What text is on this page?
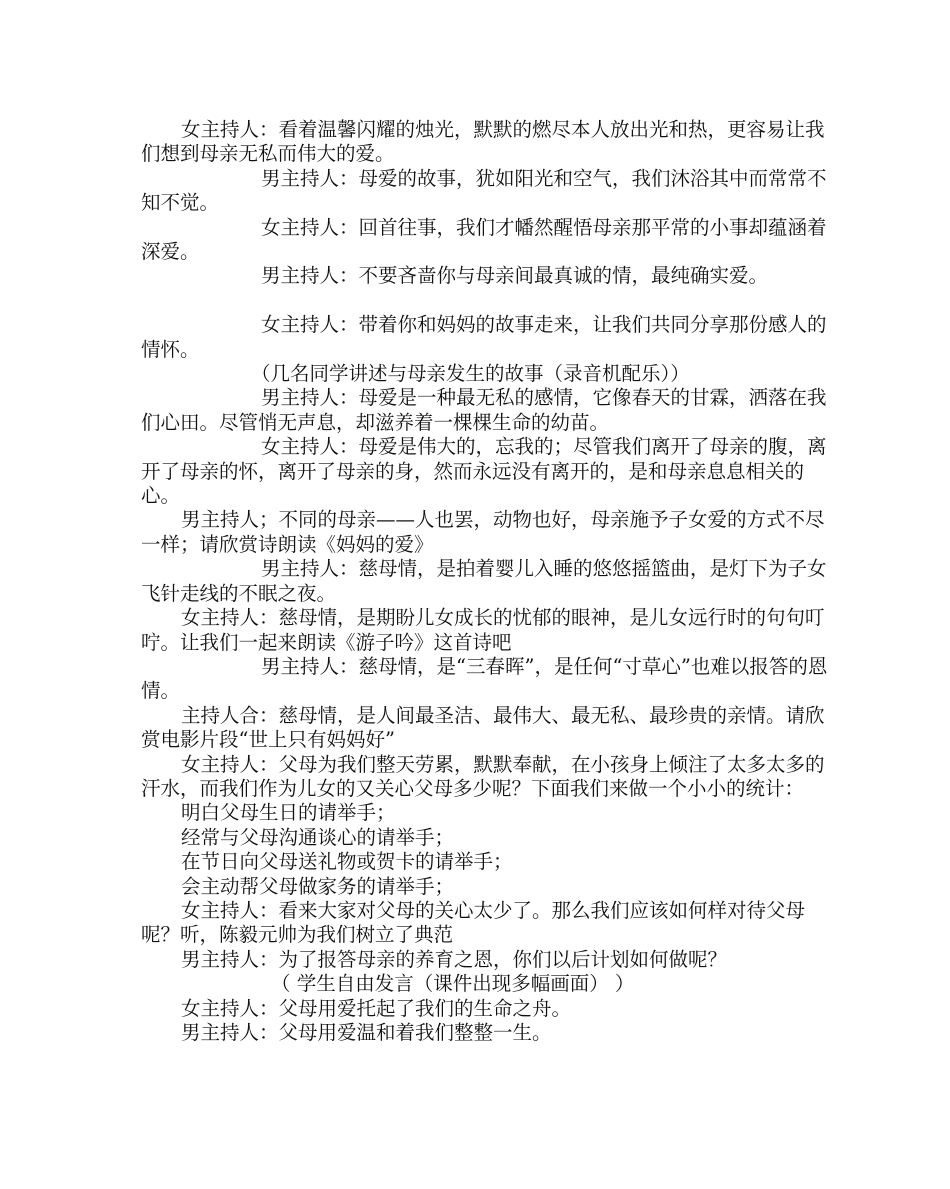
女主持人：看着温馨闪耀的烛光，默默的燃尽本人放出光和热，更容易让我们想到母亲无私而伟大的爱。

男主持人：母爱的故事，犹如阳光和空气，我们沐浴其中而常常不知不觉。

女主持人：回首往事，我们才幡然醒悟母亲那平常的小事却蕴涵着深爱。

男主持人：不要吝啬你与母亲间最真诚的情，最纯确实爱。

女主持人：带着你和妈妈的故事走来，让我们共同分享那份感人的情怀。

（几名同学讲述与母亲发生的故事（录音机配乐））

男主持人：母爱是一种最无私的感情，它像春天的甘霖，洒落在我们心田。尽管悄无声息，却滋养着一棵棵生命的幼苗。

女主持人：母爱是伟大的，忘我的；尽管我们离开了母亲的腹，离开了母亲的怀，离开了母亲的身，然而永远没有离开的，是和母亲息息相关的心。

男主持人；不同的母亲——人也罢，动物也好，母亲施予子女爱的方式不尽一样；请欣赏诗朗读《妈妈的爱》

男主持人：慈母情，是拍着婴儿入睡的悠悠摇篮曲，是灯下为子女飞针走线的不眠之夜。

女主持人：慈母情，是期盼儿女成长的忧郁的眼神，是儿女远行时的句句叮咛。让我们一起来朗读《游子吟》这首诗吧

男主持人：慈母情，是“三春晖”，是任何“寸草心”也难以报答的恩情。

主持人合：慈母情，是人间最圣洁、最伟大、最无私、最珍贵的亲情。请欣赏电影片段“世上只有妈妈好”

女主持人：父母为我们整天劳累，默默奉献，在小孩身上倾注了太多太多的汗水，而我们作为儿女的又关心父母多少呢？下面我们来做一个小小的统计：

明白父母生日的请举手；

经常与父母沟通谈心的请举手；

在节日向父母送礼物或贺卡的请举手；

会主动帮父母做家务的请举手；

女主持人：看来大家对父母的关心太少了。那么我们应该如何样对待父母呢？听，陈毅元帅为我们树立了典范

男主持人：为了报答母亲的养育之恩，你们以后计划如何做呢？

（ 学生自由发言（课件出现多幅画面） ）

女主持人：父母用爱托起了我们的生命之舟。

男主持人：父母用爱温和着我们整整一生。
